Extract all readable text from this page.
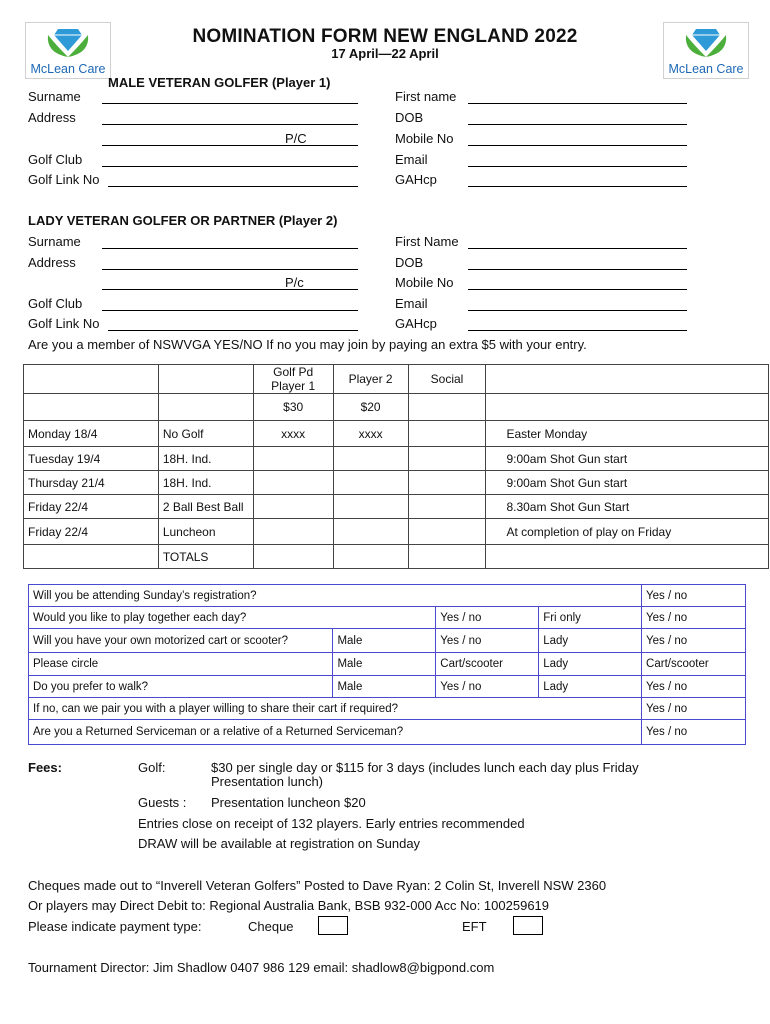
McLean Care	McLean Care
NOMINATION FORM NEW ENGLAND 2022
17 April—22 April
MALE VETERAN GOLFER (Player 1)
Surname
Address
P/C
Golf Club
Golf Link No
First name
DOB
Mobile No
Email
GAHcp
LADY VETERAN GOLFER OR PARTNER (Player 2)
Surname
Address
P/c
Golf Club
Golf Link No
First Name
DOB
Mobile No
Email
GAHcp
Are you a member of NSWVGA YES/NO If no you may join by paying an extra $5 with your entry.
		Golf Pd Player 1	Player 2	Social	
		$30	$20		
Monday 18/4	No Golf	xxxx	xxxx		Easter Monday
Tuesday 19/4	18H. Ind.				9:00am Shot Gun start
Thursday 21/4	18H. Ind.				9:00am Shot Gun start
Friday 22/4	2 Ball Best Ball				8.30am Shot Gun Start
Friday 22/4	Luncheon				At completion of play on Friday
	TOTALS				
Will you be attending Sunday’s registration?				Yes / no
Would you like to play together each day?		Yes / no	Fri only	Yes / no
Will you have your own motorized cart or scooter?	Male	Yes / no	Lady	Yes / no
Please circle	Male	Cart/scooter	Lady	Cart/scooter
Do you prefer to walk?	Male	Yes / no	Lady	Yes / no
If no, can we pair you with a player willing to share their cart if required?				Yes / no
Are you a Returned Serviceman or a relative of a Returned Serviceman?				Yes / no
Fees:	Golf:	$30 per single day or $115 for 3 days (includes lunch each day plus Friday
Presentation lunch)
Guests : Presentation luncheon $20
Entries close on receipt of 132 players. Early entries recommended
DRAW will be available at registration on Sunday
Cheques made out to “Inverell Veteran Golfers” Posted to Dave Ryan: 2 Colin St, Inverell NSW 2360
Or players may Direct Debit to: Regional Australia Bank, BSB 932-000 Acc No: 100259619
Please indicate payment type:	Cheque	EFT
Tournament Director: Jim Shadlow 0407 986 129 email: shadlow8@bigpond.com
